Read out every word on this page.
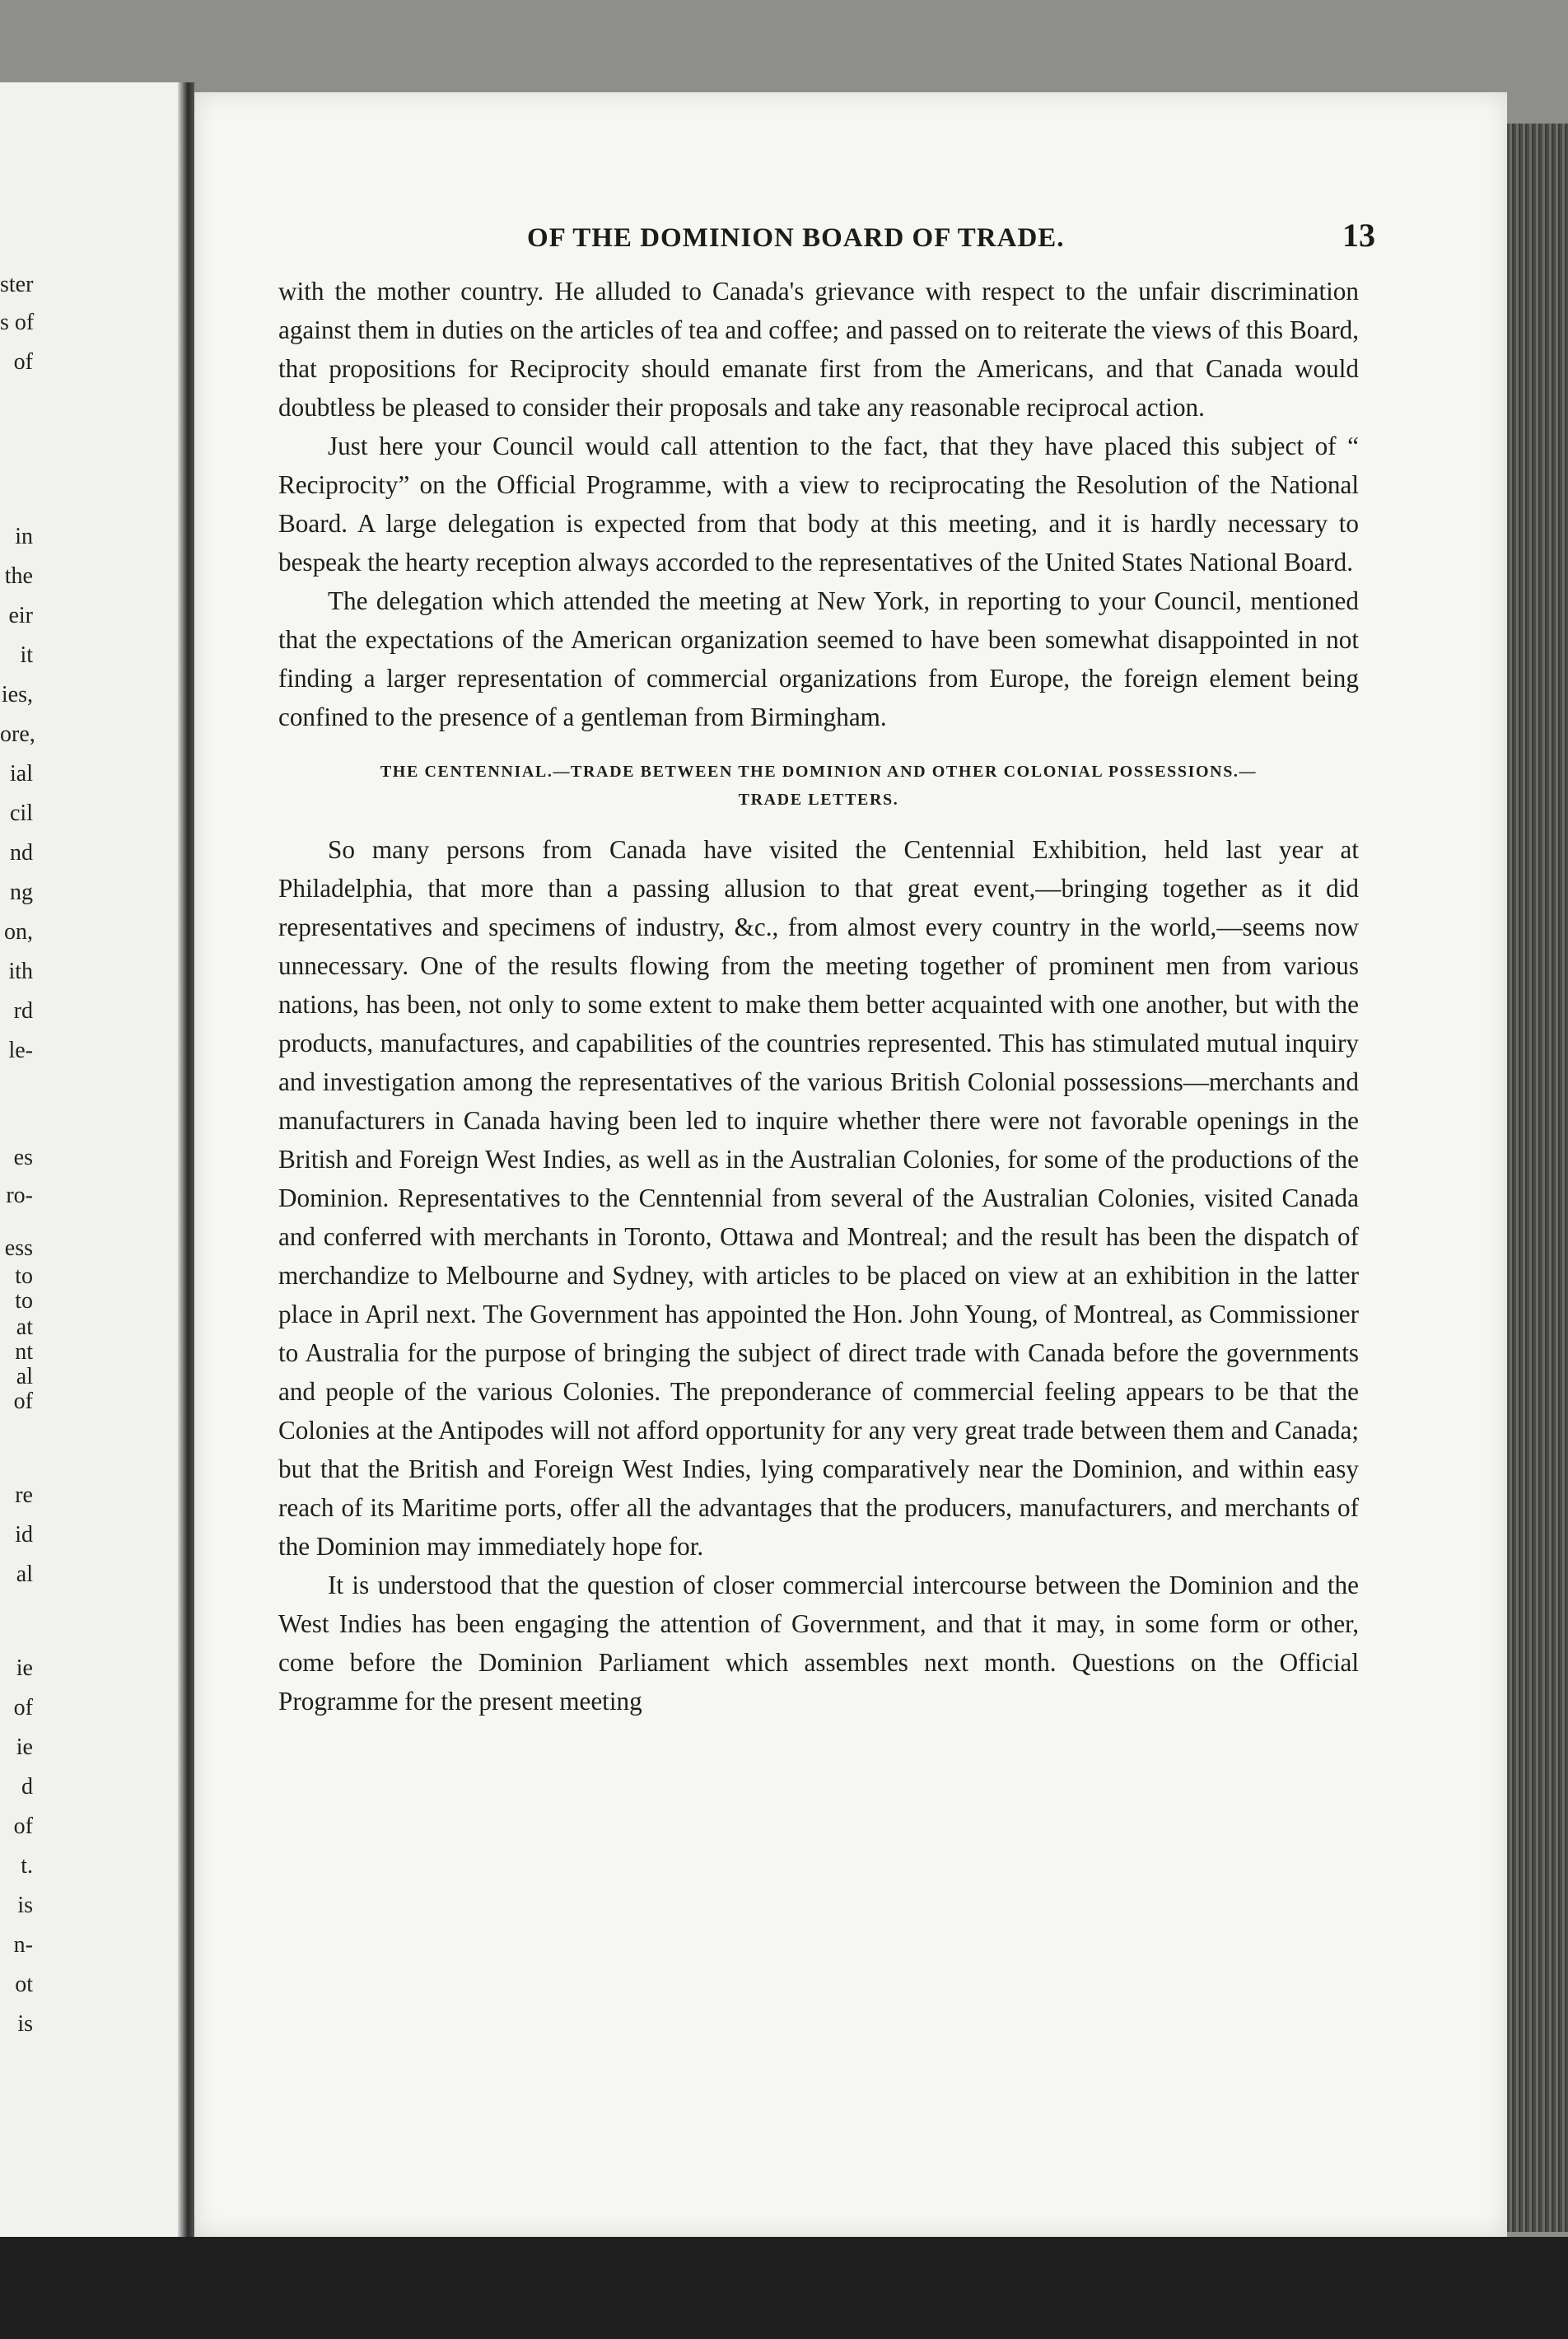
ster
s of
of
in
the
eir
it
ies,
ore,
ial
cil
nd
ng
on,
ith
rd
le-
es
ro-
ess
to
to
at
nt
al
of
re
id
al
ie
of
ie
d
of
t.
is
n-
ot
is
OF THE DOMINION BOARD OF TRADE.	13

with the mother country. He alluded to Canada's grievance with respect to the unfair discrimination against them in duties on the articles of tea and coffee; and passed on to reiterate the views of this Board, that propositions for Reciprocity should emanate first from the Americans, and that Canada would doubtless be pleased to consider their proposals and take any reasonable reciprocal action.

Just here your Council would call attention to the fact, that they have placed this subject of “ Reciprocity” on the Official Programme, with a view to reciprocating the Resolution of the National Board. A large delegation is expected from that body at this meeting, and it is hardly necessary to bespeak the hearty reception always accorded to the representatives of the United States National Board.

The delegation which attended the meeting at New York, in reporting to your Council, mentioned that the expectations of the American organization seemed to have been somewhat disappointed in not finding a larger representation of commercial organizations from Europe, the foreign element being confined to the presence of a gentleman from Birmingham.

THE CENTENNIAL.—TRADE BETWEEN THE DOMINION AND OTHER COLONIAL POSSESSIONS.—
TRADE LETTERS.

So many persons from Canada have visited the Centennial Exhibition, held last year at Philadelphia, that more than a passing allusion to that great event,—bringing together as it did representatives and specimens of industry, &c., from almost every country in the world,—seems now unnecessary. One of the results flowing from the meeting together of prominent men from various nations, has been, not only to some extent to make them better acquainted with one another, but with the products, manufactures, and capabilities of the countries represented. This has stimulated mutual inquiry and investigation among the representatives of the various British Colonial possessions—merchants and manufacturers in Canada having been led to inquire whether there were not favorable openings in the British and Foreign West Indies, as well as in the Australian Colonies, for some of the productions of the Dominion. Representatives to the Cenntennial from several of the Australian Colonies, visited Canada and conferred with merchants in Toronto, Ottawa and Montreal; and the result has been the dispatch of merchandize to Melbourne and Sydney, with articles to be placed on view at an exhibition in the latter place in April next. The Government has appointed the Hon. John Young, of Montreal, as Commissioner to Australia for the purpose of bringing the subject of direct trade with Canada before the governments and people of the various Colonies. The preponderance of commercial feeling appears to be that the Colonies at the Antipodes will not afford opportunity for any very great trade between them and Canada; but that the British and Foreign West Indies, lying comparatively near the Dominion, and within easy reach of its Maritime ports, offer all the advantages that the producers, manufacturers, and merchants of the Dominion may immediately hope for.

It is understood that the question of closer commercial intercourse between the Dominion and the West Indies has been engaging the attention of Government, and that it may, in some form or other, come before the Dominion Parliament which assembles next month. Questions on the Official Programme for the present meeting
